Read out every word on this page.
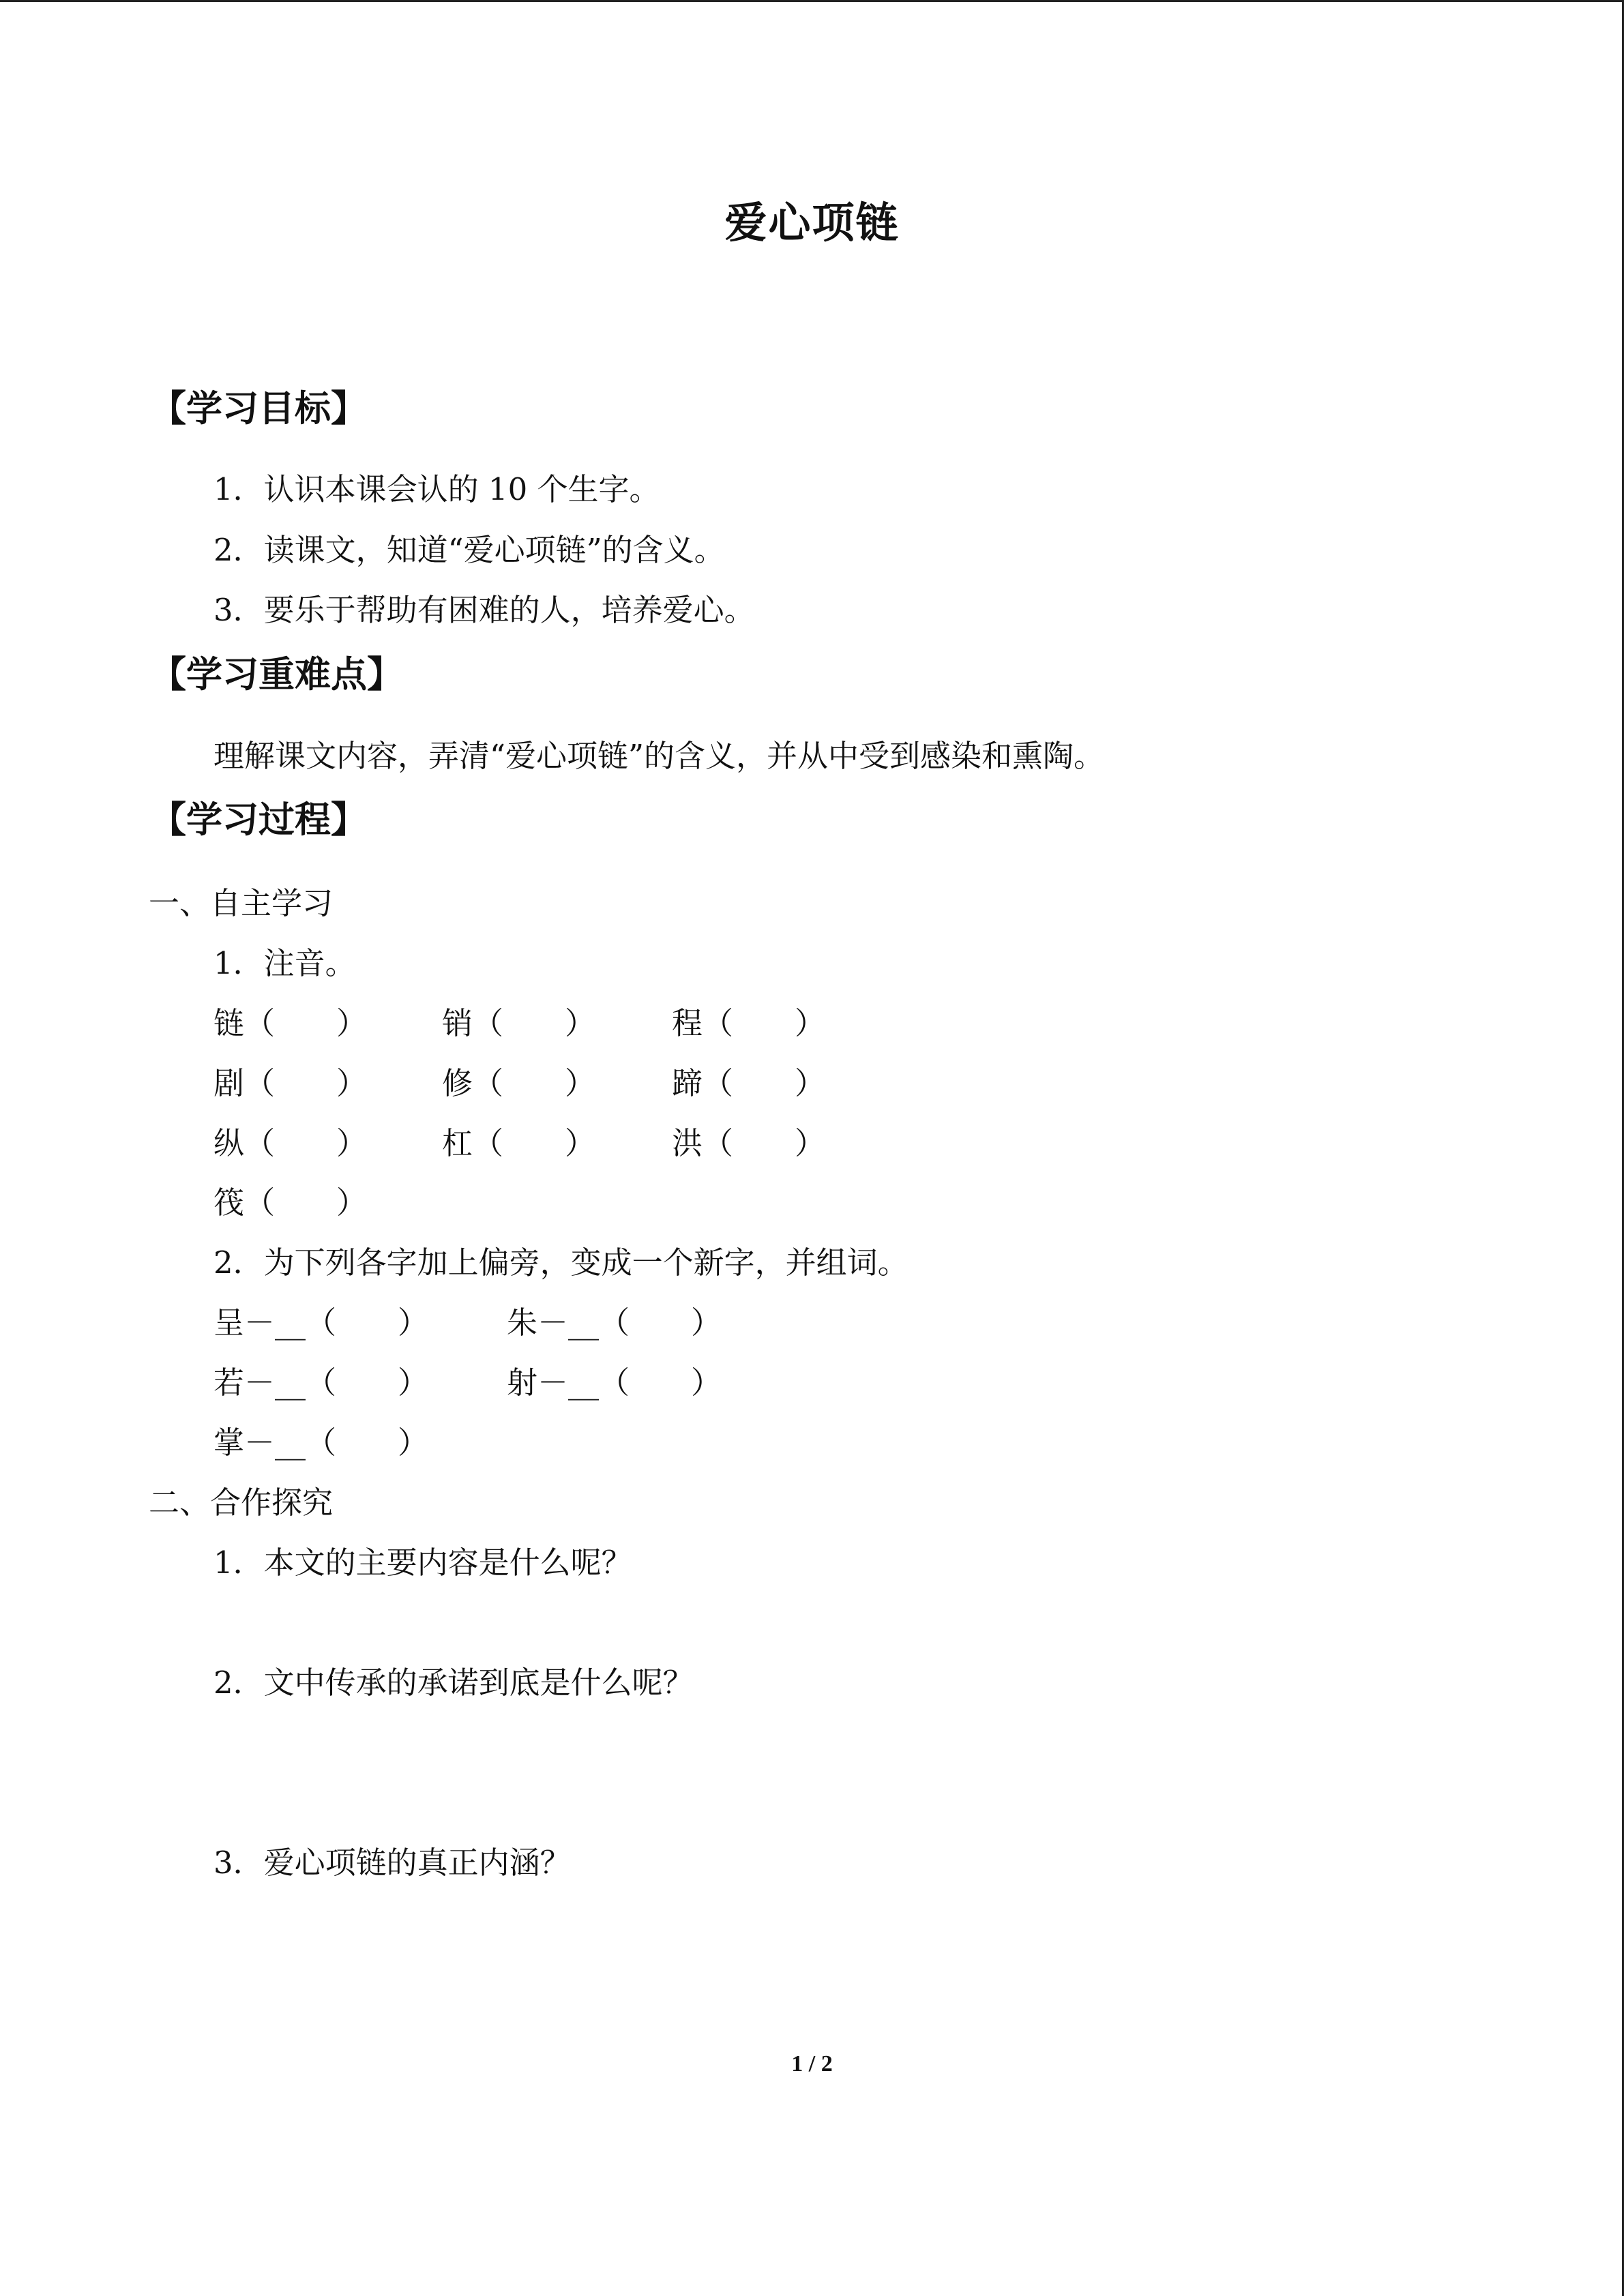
爱心项链
【学习目标】
1．认识本课会认的 10 个生字。
2．读课文，知道“爱心项链”的含义。
3．要乐于帮助有困难的人，培养爱心。
【学习重难点】
理解课文内容，弄清“爱心项链”的含义，并从中受到感染和熏陶。
【学习过程】
一、自主学习
1．注音。
链（　　） 销（　　） 程（　　）
剧（　　） 修（　　） 蹄（　　）
纵（　　） 杠（　　） 洪（　　）
筏（　　）
2．为下列各字加上偏旁，变成一个新字，并组词。
呈－__（　　）	朱－__（　　）
若－__（　　）	射－__（　　）
掌－__（　　）
二、合作探究
1．本文的主要内容是什么呢？
2．文中传承的承诺到底是什么呢？
3．爱心项链的真正内涵？
1 / 2
